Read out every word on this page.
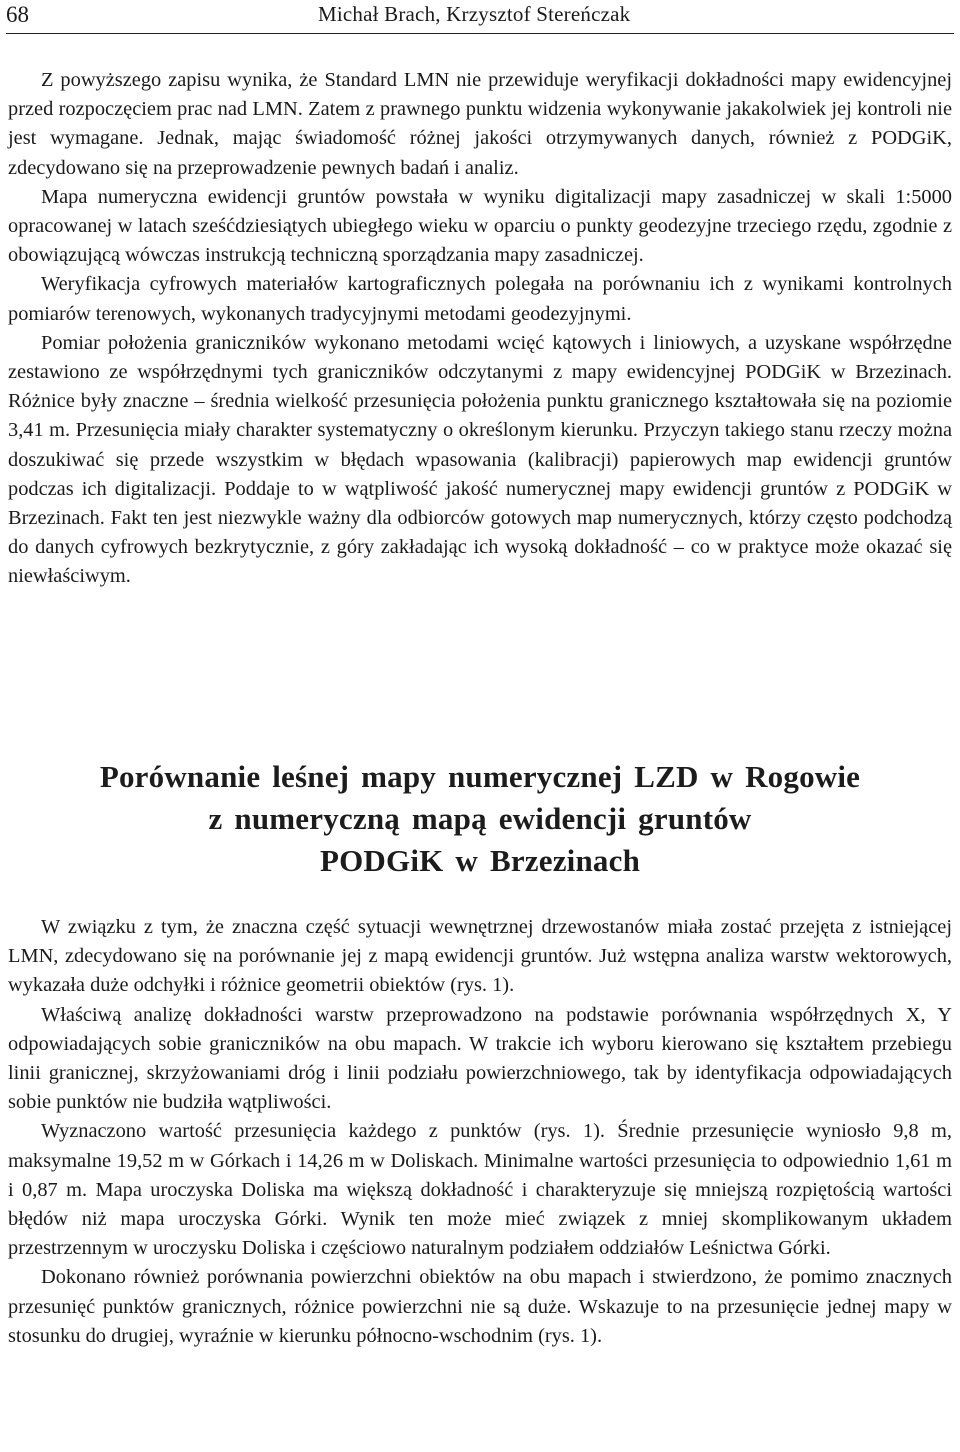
68	Michał Brach, Krzysztof Stereńczak

Z powyższego zapisu wynika, że Standard LMN nie przewiduje weryfikacji dokładności mapy ewidencyjnej przed rozpoczęciem prac nad LMN. Zatem z prawnego punktu widzenia wykonywanie jakakolwiek jej kontroli nie jest wymagane. Jednak, mając świadomość różnej jakości otrzymywanych danych, również z PODGiK, zdecydowano się na przeprowadzenie pewnych badań i analiz.

Mapa numeryczna ewidencji gruntów powstała w wyniku digitalizacji mapy zasadniczej w skali 1:5000 opracowanej w latach sześćdziesiątych ubiegłego wieku w oparciu o punkty geodezyjne trzeciego rzędu, zgodnie z obowiązującą wówczas instrukcją techniczną sporządzania mapy zasadniczej.

Weryfikacja cyfrowych materiałów kartograficznych polegała na porównaniu ich z wynikami kontrolnych pomiarów terenowych, wykonanych tradycyjnymi metodami geodezyjnymi.

Pomiar położenia graniczników wykonano metodami wcięć kątowych i liniowych, a uzyskane współrzędne zestawiono ze współrzędnymi tych graniczników odczytanymi z mapy ewidencyjnej PODGiK w Brzezinach. Różnice były znaczne – średnia wielkość przesunięcia położenia punktu granicznego kształtowała się na poziomie 3,41 m. Przesunięcia miały charakter systematyczny o określonym kierunku. Przyczyn takiego stanu rzeczy można doszukiwać się przede wszystkim w błędach wpasowania (kalibracji) papierowych map ewidencji gruntów podczas ich digitalizacji. Poddaje to w wątpliwość jakość numerycznej mapy ewidencji gruntów z PODGiK w Brzezinach. Fakt ten jest niezwykle ważny dla odbiorców gotowych map numerycznych, którzy często podchodzą do danych cyfrowych bezkrytycznie, z góry zakładając ich wysoką dokładność – co w praktyce może okazać się niewłaściwym.

Porównanie leśnej mapy numerycznej LZD w Rogowie
z numeryczną mapą ewidencji gruntów
PODGiK w Brzezinach

W związku z tym, że znaczna część sytuacji wewnętrznej drzewostanów miała zostać przejęta z istniejącej LMN, zdecydowano się na porównanie jej z mapą ewidencji gruntów. Już wstępna analiza warstw wektorowych, wykazała duże odchyłki i różnice geometrii obiektów (rys. 1).

Właściwą analizę dokładności warstw przeprowadzono na podstawie porównania współrzędnych X, Y odpowiadających sobie graniczników na obu mapach. W trakcie ich wyboru kierowano się kształtem przebiegu linii granicznej, skrzyżowaniami dróg i linii podziału powierzchniowego, tak by identyfikacja odpowiadających sobie punktów nie budziła wątpliwości.

Wyznaczono wartość przesunięcia każdego z punktów (rys. 1). Średnie przesunięcie wyniosło 9,8 m, maksymalne 19,52 m w Górkach i 14,26 m w Doliskach. Minimalne wartości przesunięcia to odpowiednio 1,61 m i 0,87 m. Mapa uroczyska Doliska ma większą dokładność i charakteryzuje się mniejszą rozpiętością wartości błędów niż mapa uroczyska Górki. Wynik ten może mieć związek z mniej skomplikowanym układem przestrzennym w uroczysku Doliska i częściowo naturalnym podziałem oddziałów Leśnictwa Górki.

Dokonano również porównania powierzchni obiektów na obu mapach i stwierdzono, że pomimo znacznych przesunięć punktów granicznych, różnice powierzchni nie są duże. Wskazuje to na przesunięcie jednej mapy w stosunku do drugiej, wyraźnie w kierunku północno-wschodnim (rys. 1).
